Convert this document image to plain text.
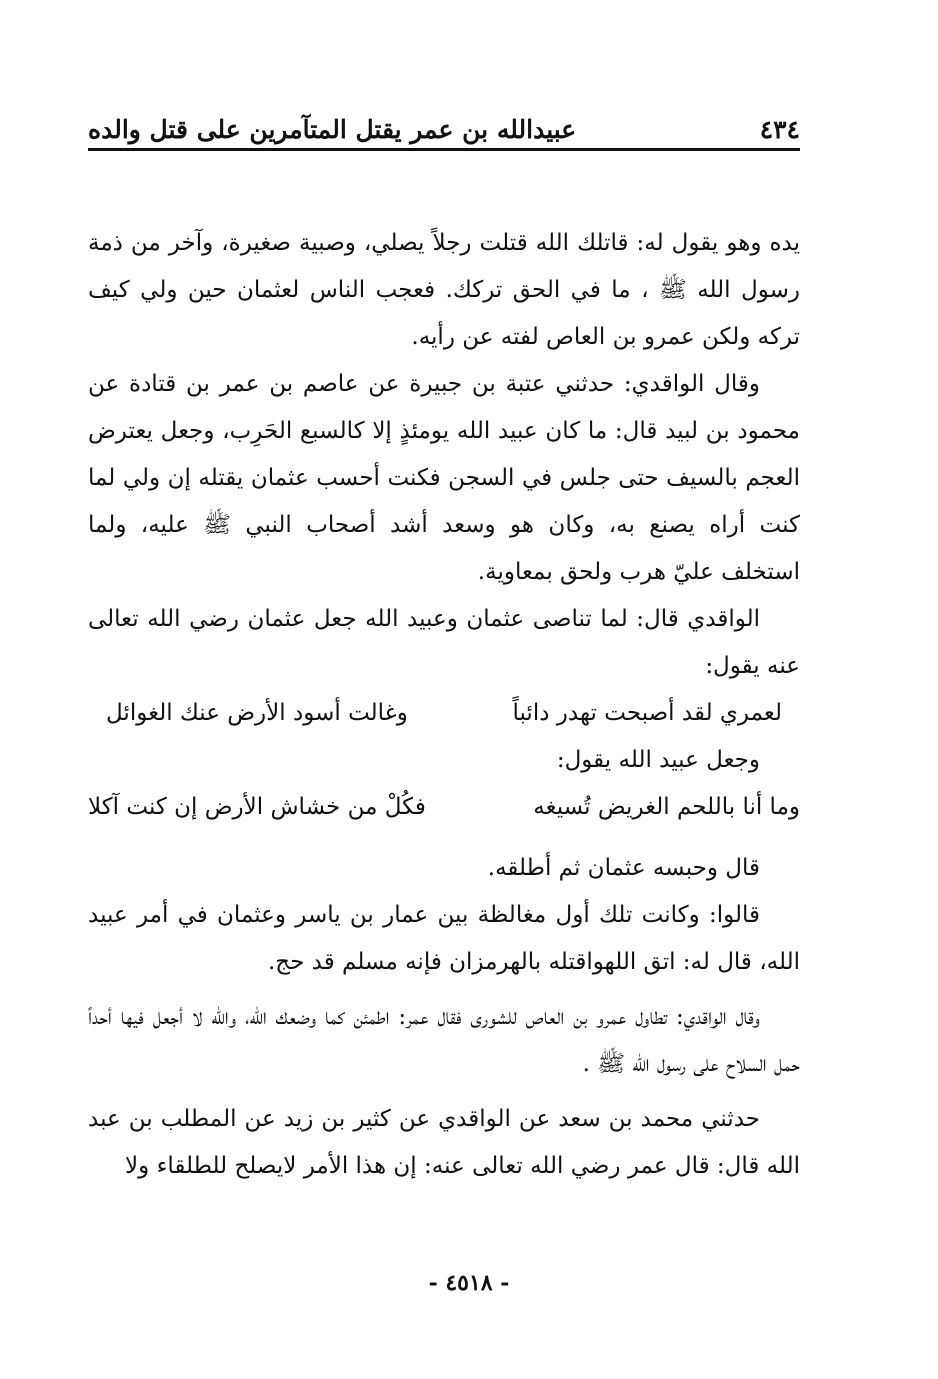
٤٣٤
عبيدالله بن عمر يقتل المتآمرين على قتل والده

يده وهو يقول له: قاتلك الله قتلت رجلاً يصلي، وصبية صغيرة، وآخر من ذمة رسول الله ﷺ ، ما في الحق تركك. فعجب الناس لعثمان حين ولي كيف تركه ولكن عمرو بن العاص لفته عن رأيه.

وقال الواقدي: حدثني عتبة بن جبيرة عن عاصم بن عمر بن قتادة عن محمود بن لبيد قال: ما كان عبيد الله يومئذٍ إلا كالسبع الحَرِب، وجعل يعترض العجم بالسيف حتى جلس في السجن فكنت أحسب عثمان يقتله إن ولي لما كنت أراه يصنع به، وكان هو وسعد أشد أصحاب النبي ﷺ عليه، ولما استخلف عليّ هرب ولحق بمعاوية.

الواقدي قال: لما تناصى عثمان وعبيد الله جعل عثمان رضي الله تعالى عنه يقول:

لعمري لقد أصبحت تهدر دائباً
وغالت أسود الأرض عنك الغوائل

وجعل عبيد الله يقول:

وما أنا باللحم الغريض تُسيغه
فكُلْ من خشاش الأرض إن كنت آكلا

قال وحبسه عثمان ثم أطلقه.

قالوا: وكانت تلك أول مغالظة بين عمار بن ياسر وعثمان في أمر عبيد الله، قال له: اتق اللهواقتله بالهرمزان فإنه مسلم قد حج.

وقال الواقدي: تطاول عمرو بن العاص للشورى فقال عمر: اطمئن كما وضعك الله، والله لا أجعل فيها أحداً حمل السلاح على رسول الله ﷺ .

حدثني محمد بن سعد عن الواقدي عن كثير بن زيد عن المطلب بن عبد الله قال: قال عمر رضي الله تعالى عنه: إن هذا الأمر لايصلح للطلقاء ولا

- ٤٥١٨ -
